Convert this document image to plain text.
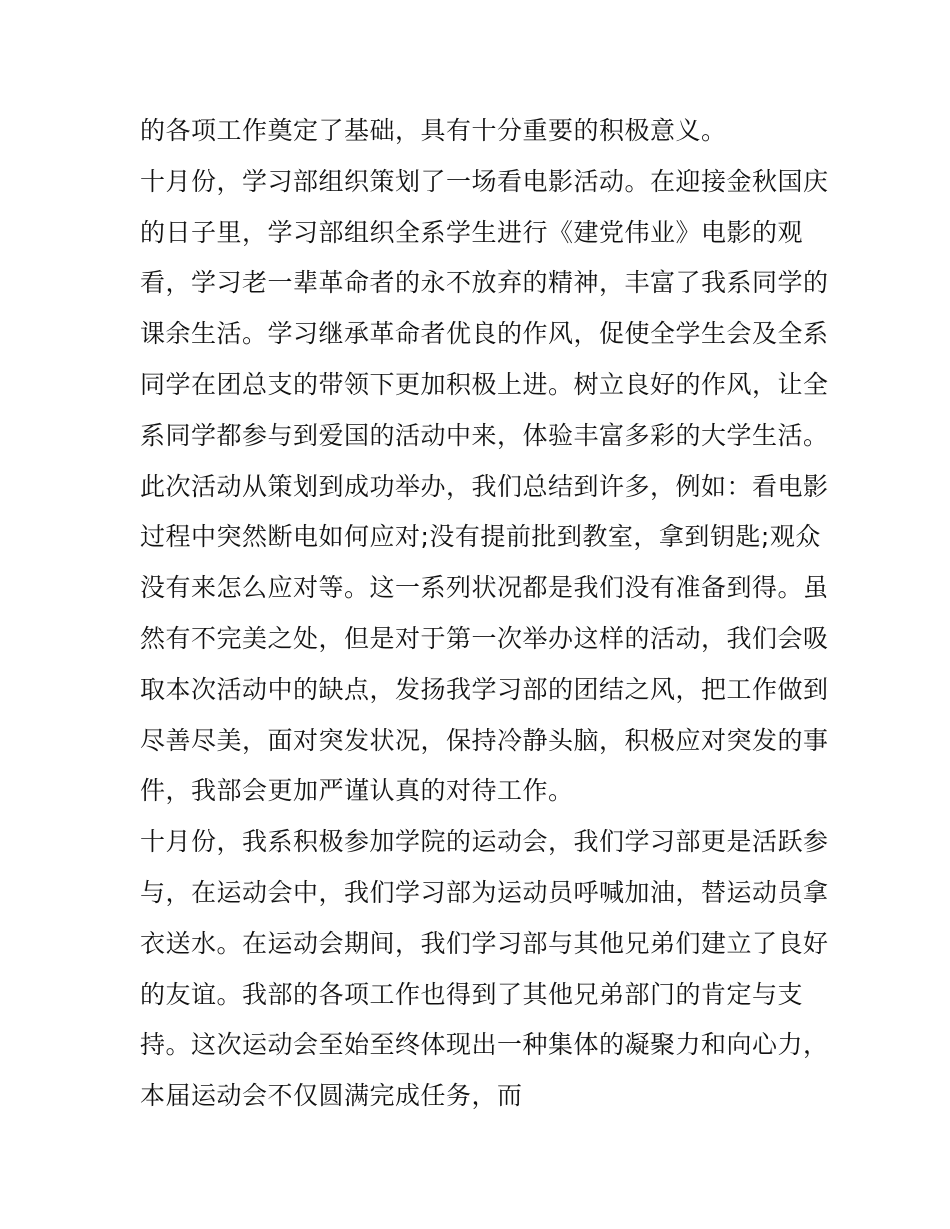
的各项工作奠定了基础，具有十分重要的积极意义。
十月份，学习部组织策划了一场看电影活动。在迎接金秋国庆
的日子里，学习部组织全系学生进行《建党伟业》电影的观
看，学习老一辈革命者的永不放弃的精神，丰富了我系同学的
课余生活。学习继承革命者优良的作风，促使全学生会及全系
同学在团总支的带领下更加积极上进。树立良好的作风，让全
系同学都参与到爱国的活动中来，体验丰富多彩的大学生活。
此次活动从策划到成功举办，我们总结到许多，例如：看电影
过程中突然断电如何应对;没有提前批到教室，拿到钥匙;观众
没有来怎么应对等。这一系列状况都是我们没有准备到得。虽
然有不完美之处，但是对于第一次举办这样的活动，我们会吸
取本次活动中的缺点，发扬我学习部的团结之风，把工作做到
尽善尽美，面对突发状况，保持冷静头脑，积极应对突发的事
件，我部会更加严谨认真的对待工作。
十月份，我系积极参加学院的运动会，我们学习部更是活跃参
与，在运动会中，我们学习部为运动员呼喊加油，替运动员拿
衣送水。在运动会期间，我们学习部与其他兄弟们建立了良好
的友谊。我部的各项工作也得到了其他兄弟部门的肯定与支
持。这次运动会至始至终体现出一种集体的凝聚力和向心力，
本届运动会不仅圆满完成任务，而
